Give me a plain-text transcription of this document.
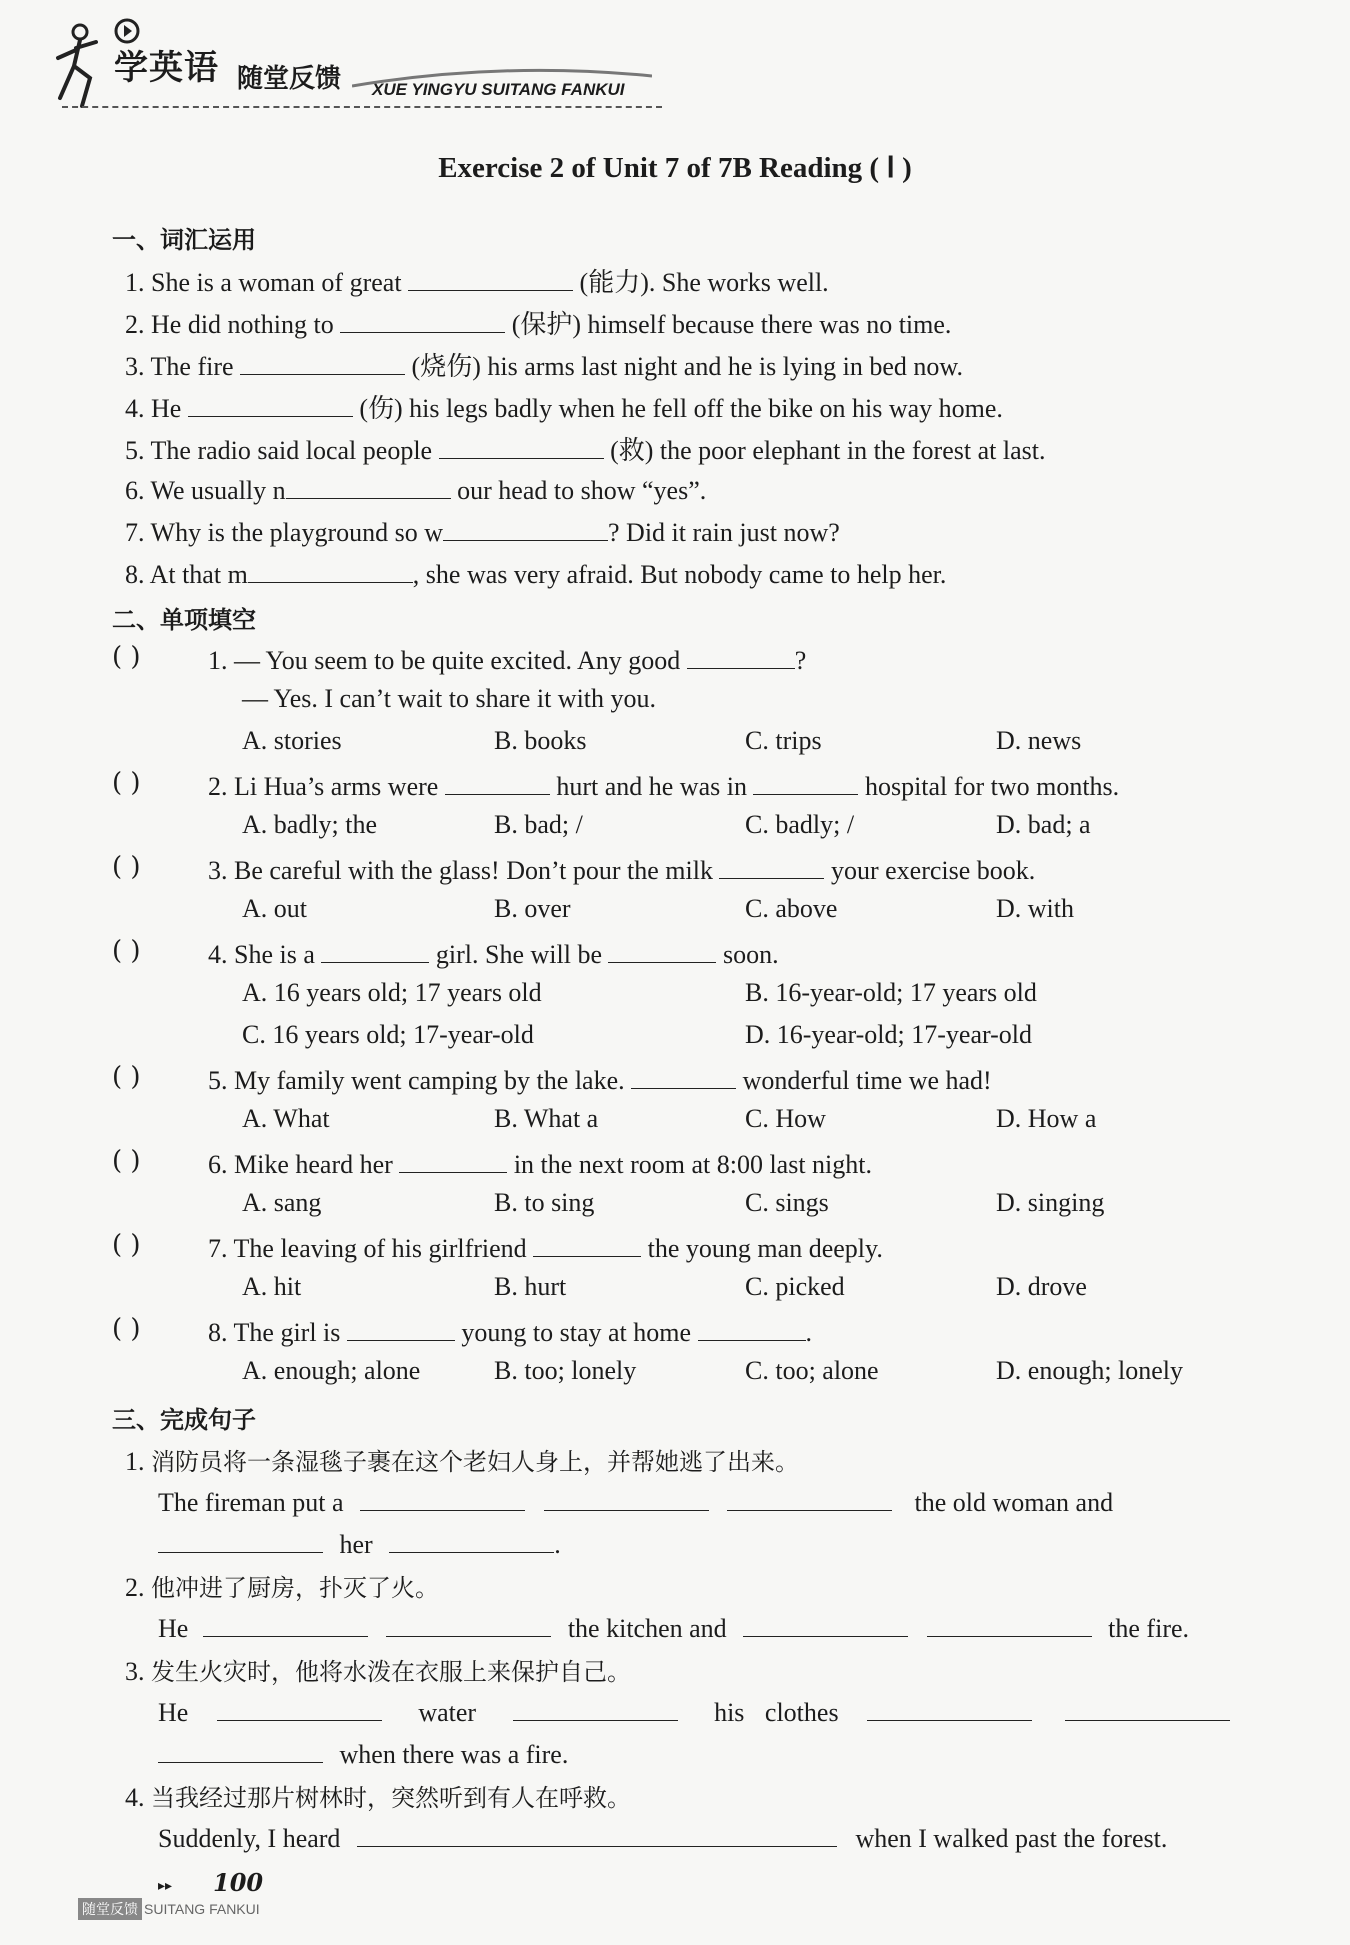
学英语 随堂反馈 XUE YINGYU SUITANG FANKUI
Exercise 2 of Unit 7 of 7B Reading ( Ⅰ )
一、词汇运用
1. She is a woman of great	(能力). She works well.
2. He did nothing to	(保护) himself because there was no time.
3. The fire	(烧伤) his arms last night and he is lying in bed now.
4. He	(伤) his legs badly when he fell off the bike on his way home.
5. The radio said local people	(救) the poor elephant in the forest at last.
6. We usually n	our head to show “yes”.
7. Why is the playground so w	? Did it rain just now?
8. At that m	, she was very afraid. But nobody came to help her.
二、单项填空
( )	1. — You seem to be quite excited. Any good	?
— Yes. I can’t wait to share it with you.
A. stories	B. books	C. trips	D. news
( )	2. Li Hua’s arms were	hurt and he was in	hospital for two months.
A. badly; the	B. bad; /	C. badly; /	D. bad; a
( )	3. Be careful with the glass! Don’t pour the milk	your exercise book.
A. out	B. over	C. above	D. with
( )	4. She is a	girl. She will be	soon.
A. 16 years old; 17 years old	B. 16-year-old; 17 years old
C. 16 years old; 17-year-old	D. 16-year-old; 17-year-old
( )	5. My family went camping by the lake.	wonderful time we had!
A. What	B. What a	C. How	D. How a
( )	6. Mike heard her	in the next room at 8:00 last night.
A. sang	B. to sing	C. sings	D. singing
( )	7. The leaving of his girlfriend	the young man deeply.
A. hit	B. hurt	C. picked	D. drove
( )	8. The girl is	young to stay at home	.
A. enough; alone	B. too; lonely	C. too; alone	D. enough; lonely
三、完成句子
1. 消防员将一条湿毯子裹在这个老妇人身上，并帮她逃了出来。
The fireman put a	the old woman and
her	.
2. 他冲进了厨房，扑灭了火。
He	the kitchen and	the fire.
3. 发生火灾时，他将水泼在衣服上来保护自己。
He	water	his clothes
when there was a fire.
4. 当我经过那片树林时，突然听到有人在呼救。
Suddenly, I heard	when I walked past the forest.
▸▸ 100
随堂反馈 SUITANG FANKUI
